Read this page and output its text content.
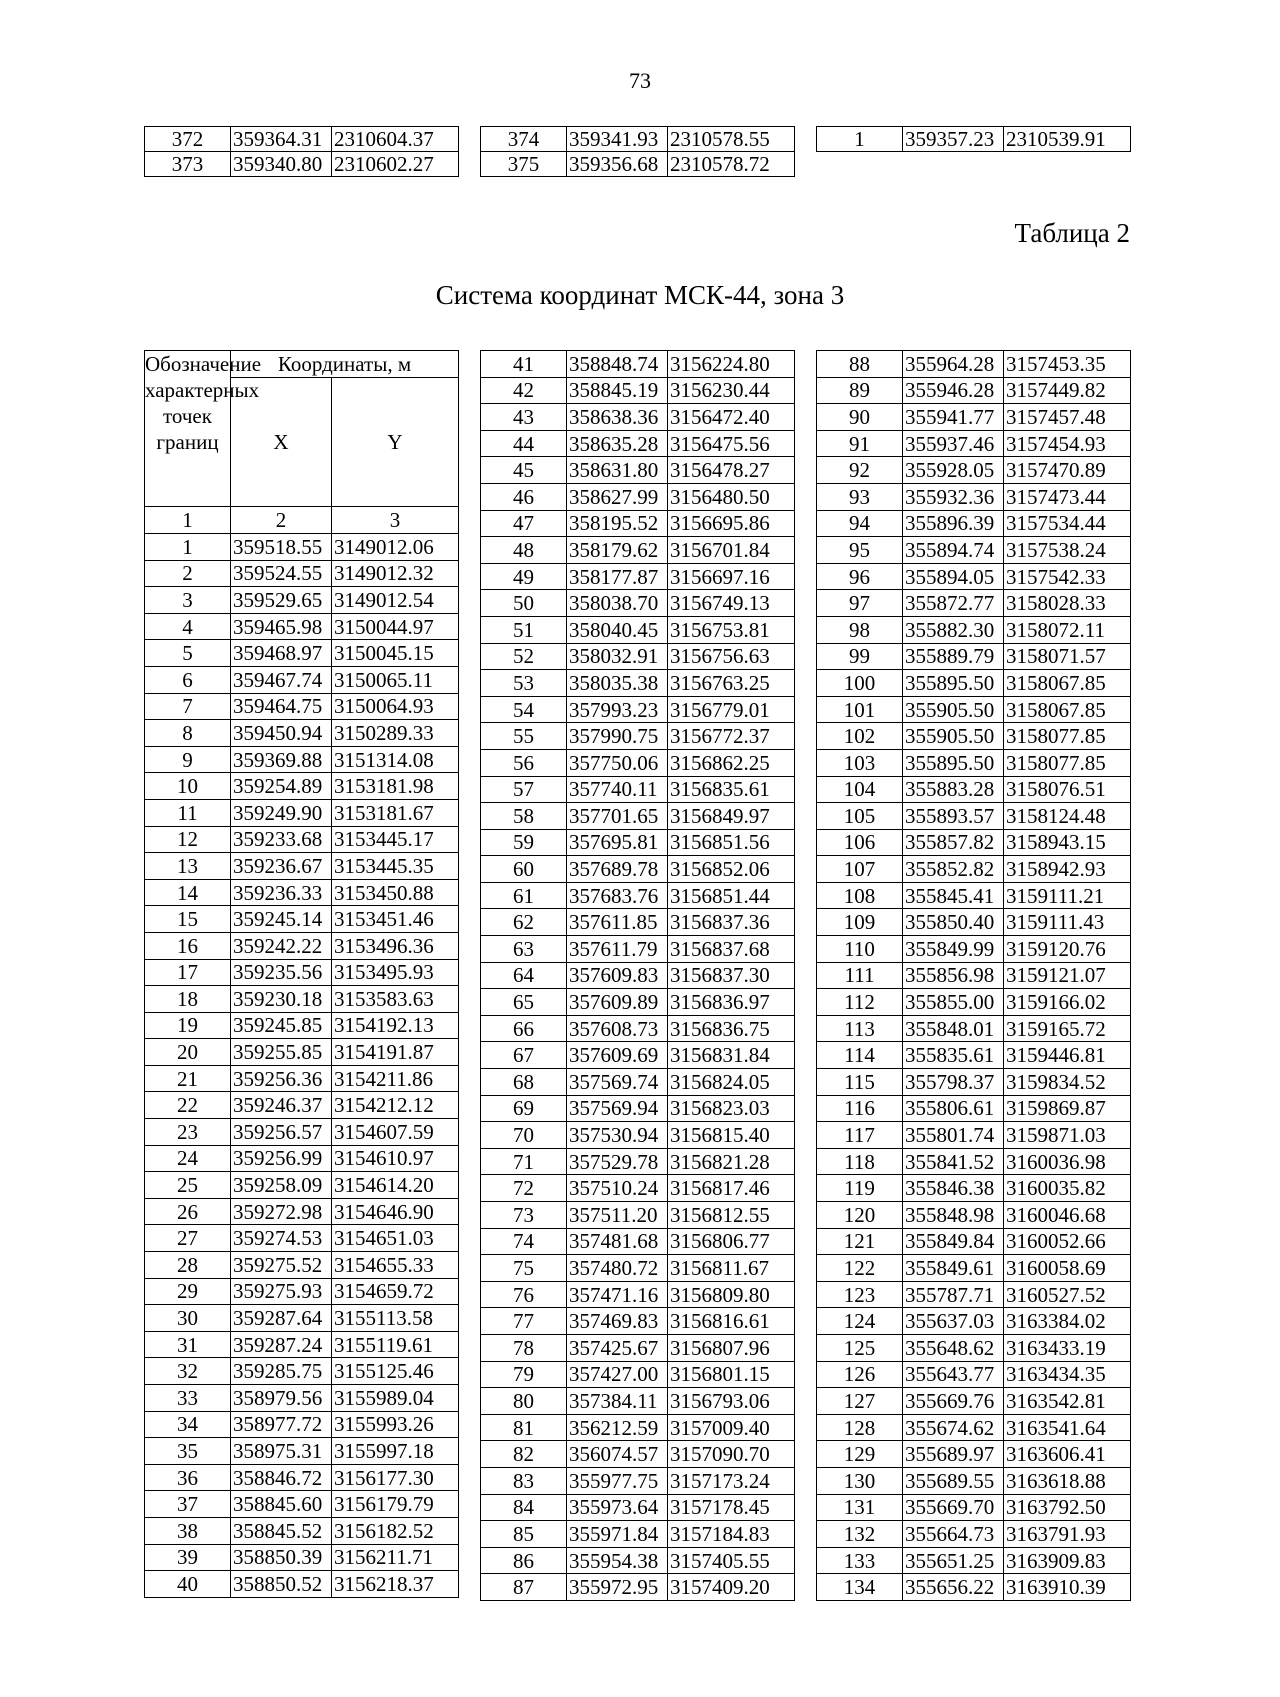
73
372	359364.31	2310604.37
373	359340.80	2310602.27
374	359341.93	2310578.55
375	359356.68	2310578.72
1	359357.23	2310539.91
Таблица 2
Система координат МСК-44, зона 3
Обозначение характерных точек границ	Координаты, м	
	X	Y
1	2	3
1	359518.55	3149012.06
2	359524.55	3149012.32
3	359529.65	3149012.54
4	359465.98	3150044.97
5	359468.97	3150045.15
6	359467.74	3150065.11
7	359464.75	3150064.93
8	359450.94	3150289.33
9	359369.88	3151314.08
10	359254.89	3153181.98
11	359249.90	3153181.67
12	359233.68	3153445.17
13	359236.67	3153445.35
14	359236.33	3153450.88
15	359245.14	3153451.46
16	359242.22	3153496.36
17	359235.56	3153495.93
18	359230.18	3153583.63
19	359245.85	3154192.13
20	359255.85	3154191.87
21	359256.36	3154211.86
22	359246.37	3154212.12
23	359256.57	3154607.59
24	359256.99	3154610.97
25	359258.09	3154614.20
26	359272.98	3154646.90
27	359274.53	3154651.03
28	359275.52	3154655.33
29	359275.93	3154659.72
30	359287.64	3155113.58
31	359287.24	3155119.61
32	359285.75	3155125.46
33	358979.56	3155989.04
34	358977.72	3155993.26
35	358975.31	3155997.18
36	358846.72	3156177.30
37	358845.60	3156179.79
38	358845.52	3156182.52
39	358850.39	3156211.71
40	358850.52	3156218.37
41	358848.74	3156224.80
42	358845.19	3156230.44
43	358638.36	3156472.40
44	358635.28	3156475.56
45	358631.80	3156478.27
46	358627.99	3156480.50
47	358195.52	3156695.86
48	358179.62	3156701.84
49	358177.87	3156697.16
50	358038.70	3156749.13
51	358040.45	3156753.81
52	358032.91	3156756.63
53	358035.38	3156763.25
54	357993.23	3156779.01
55	357990.75	3156772.37
56	357750.06	3156862.25
57	357740.11	3156835.61
58	357701.65	3156849.97
59	357695.81	3156851.56
60	357689.78	3156852.06
61	357683.76	3156851.44
62	357611.85	3156837.36
63	357611.79	3156837.68
64	357609.83	3156837.30
65	357609.89	3156836.97
66	357608.73	3156836.75
67	357609.69	3156831.84
68	357569.74	3156824.05
69	357569.94	3156823.03
70	357530.94	3156815.40
71	357529.78	3156821.28
72	357510.24	3156817.46
73	357511.20	3156812.55
74	357481.68	3156806.77
75	357480.72	3156811.67
76	357471.16	3156809.80
77	357469.83	3156816.61
78	357425.67	3156807.96
79	357427.00	3156801.15
80	357384.11	3156793.06
81	356212.59	3157009.40
82	356074.57	3157090.70
83	355977.75	3157173.24
84	355973.64	3157178.45
85	355971.84	3157184.83
86	355954.38	3157405.55
87	355972.95	3157409.20
88	355964.28	3157453.35
89	355946.28	3157449.82
90	355941.77	3157457.48
91	355937.46	3157454.93
92	355928.05	3157470.89
93	355932.36	3157473.44
94	355896.39	3157534.44
95	355894.74	3157538.24
96	355894.05	3157542.33
97	355872.77	3158028.33
98	355882.30	3158072.11
99	355889.79	3158071.57
100	355895.50	3158067.85
101	355905.50	3158067.85
102	355905.50	3158077.85
103	355895.50	3158077.85
104	355883.28	3158076.51
105	355893.57	3158124.48
106	355857.82	3158943.15
107	355852.82	3158942.93
108	355845.41	3159111.21
109	355850.40	3159111.43
110	355849.99	3159120.76
111	355856.98	3159121.07
112	355855.00	3159166.02
113	355848.01	3159165.72
114	355835.61	3159446.81
115	355798.37	3159834.52
116	355806.61	3159869.87
117	355801.74	3159871.03
118	355841.52	3160036.98
119	355846.38	3160035.82
120	355848.98	3160046.68
121	355849.84	3160052.66
122	355849.61	3160058.69
123	355787.71	3160527.52
124	355637.03	3163384.02
125	355648.62	3163433.19
126	355643.77	3163434.35
127	355669.76	3163542.81
128	355674.62	3163541.64
129	355689.97	3163606.41
130	355689.55	3163618.88
131	355669.70	3163792.50
132	355664.73	3163791.93
133	355651.25	3163909.83
134	355656.22	3163910.39
